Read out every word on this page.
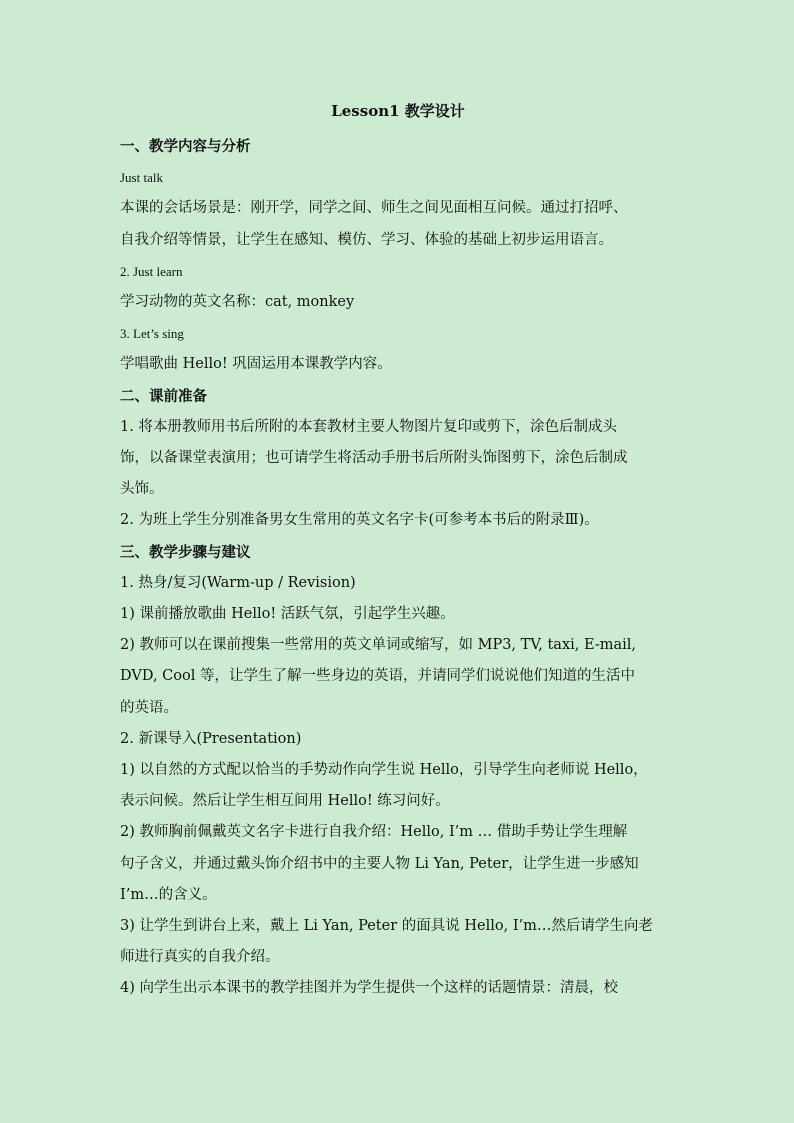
Lesson1 教学设计

一、教学内容与分析

Just talk

本课的会话场景是：刚开学，同学之间、师生之间见面相互问候。通过打招呼、

自我介绍等情景，让学生在感知、模仿、学习、体验的基础上初步运用语言。

2. Just learn

学习动物的英文名称：cat, monkey

3. Let’s sing

学唱歌曲 Hello! 巩固运用本课教学内容。

二、课前准备

1. 将本册教师用书后所附的本套教材主要人物图片复印或剪下，涂色后制成头

饰，以备课堂表演用；也可请学生将活动手册书后所附头饰图剪下，涂色后制成

头饰。

2. 为班上学生分别准备男女生常用的英文名字卡(可参考本书后的附录Ⅲ)。

三、教学步骤与建议

1. 热身/复习(Warm-up / Revision)

1) 课前播放歌曲 Hello! 活跃气氛，引起学生兴趣。

2) 教师可以在课前搜集一些常用的英文单词或缩写，如 MP3, TV, taxi, E-mail,

DVD, Cool 等，让学生了解一些身边的英语，并请同学们说说他们知道的生活中

的英语。

2. 新课导入(Presentation)

1) 以自然的方式配以恰当的手势动作向学生说 Hello，引导学生向老师说 Hello，

表示问候。然后让学生相互间用 Hello! 练习问好。

2) 教师胸前佩戴英文名字卡进行自我介绍：Hello, I’m … 借助手势让学生理解

句子含义，并通过戴头饰介绍书中的主要人物 Li Yan, Peter，让学生进一步感知

I’m…的含义。

3) 让学生到讲台上来，戴上 Li Yan, Peter 的面具说 Hello, I’m…然后请学生向老

师进行真实的自我介绍。

4) 向学生出示本课书的教学挂图并为学生提供一个这样的话题情景：清晨，校
